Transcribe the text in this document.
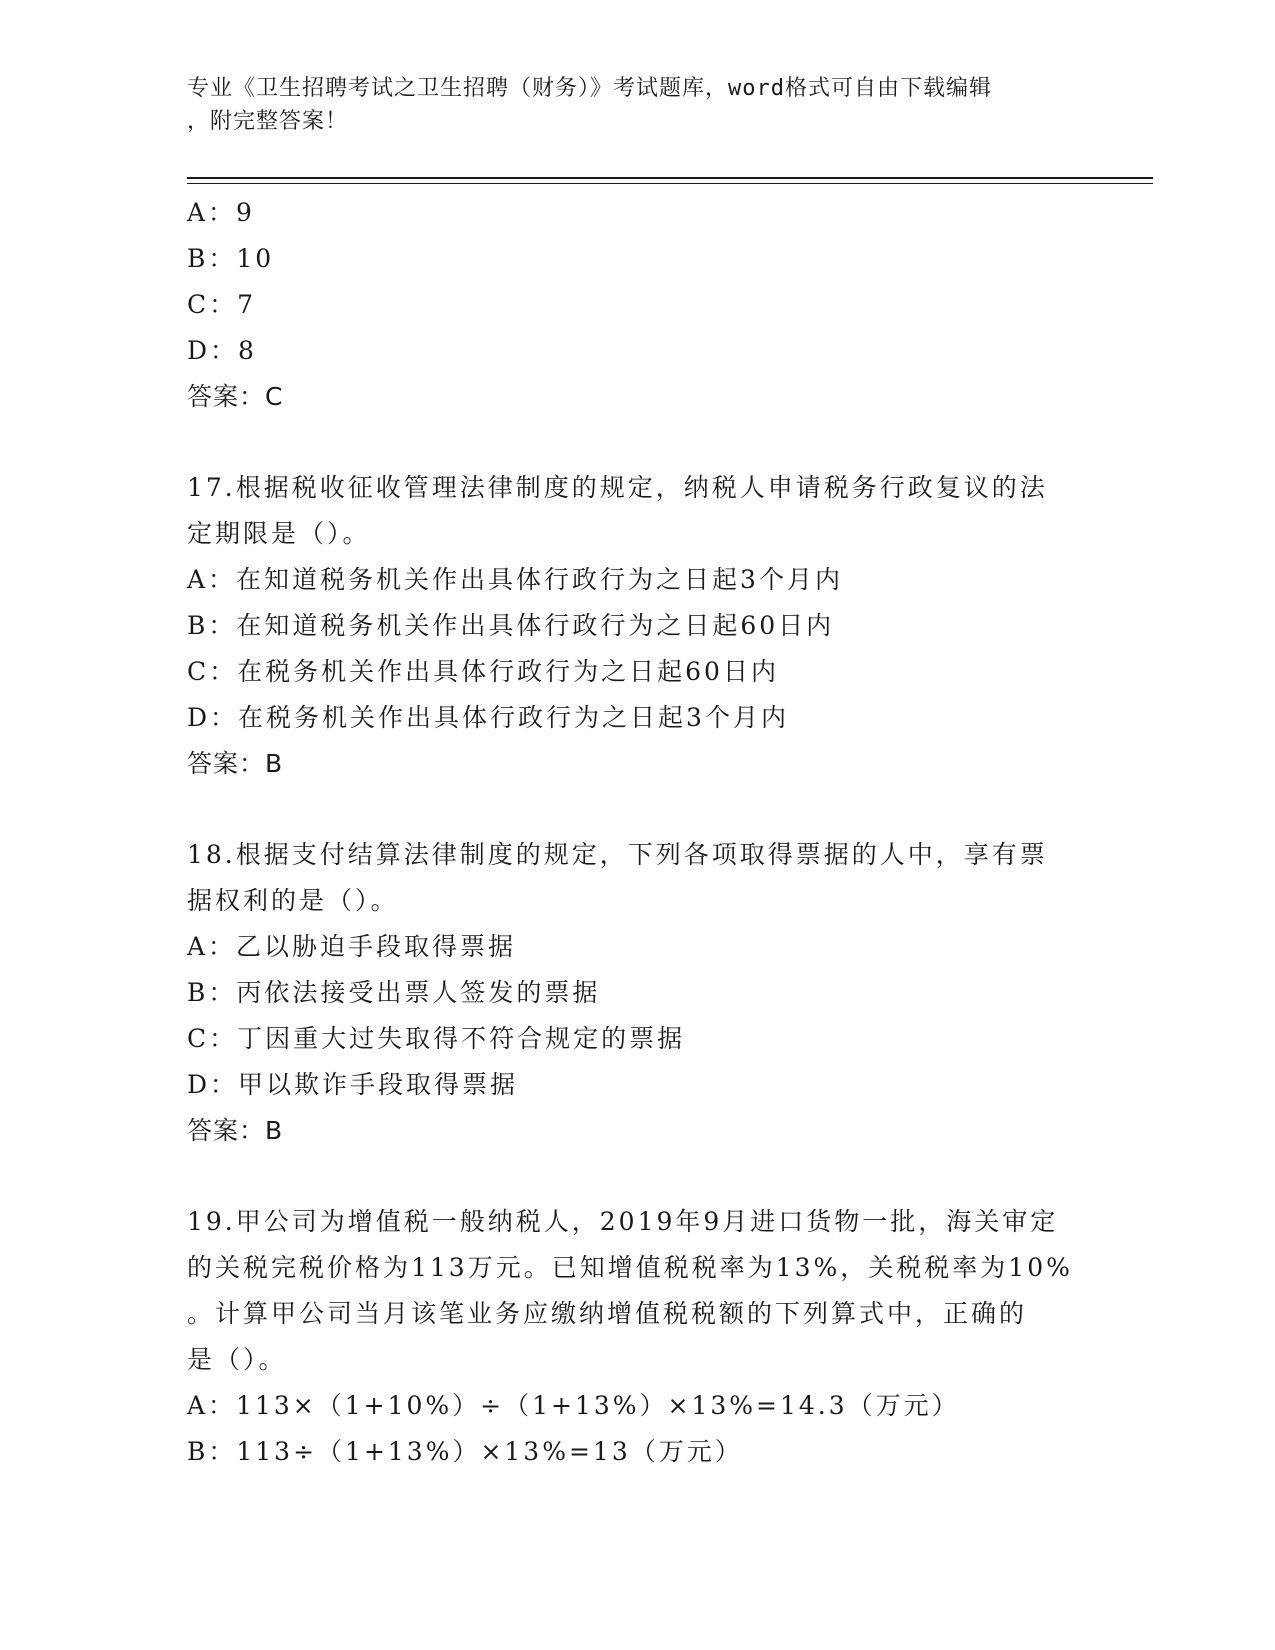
专业《卫生招聘考试之卫生招聘（财务）》考试题库，word格式可自由下载编辑
，附完整答案！
A：9
B：10
C：7
D：8
答案：C
17.根据税收征收管理法律制度的规定，纳税人申请税务行政复议的法
定期限是（）。
A：在知道税务机关作出具体行政行为之日起3个月内
B：在知道税务机关作出具体行政行为之日起60日内
C：在税务机关作出具体行政行为之日起60日内
D：在税务机关作出具体行政行为之日起3个月内
答案：B
18.根据支付结算法律制度的规定，下列各项取得票据的人中，享有票
据权利的是（）。
A：乙以胁迫手段取得票据
B：丙依法接受出票人签发的票据
C：丁因重大过失取得不符合规定的票据
D：甲以欺诈手段取得票据
答案：B
19.甲公司为增值税一般纳税人，2019年9月进口货物一批，海关审定
的关税完税价格为113万元。已知增值税税率为13%，关税税率为10%
。计算甲公司当月该笔业务应缴纳增值税税额的下列算式中，正确的
是（）。
A：113×（1+10%）÷（1+13%）×13%=14.3（万元）
B：113÷（1+13%）×13%=13（万元）
